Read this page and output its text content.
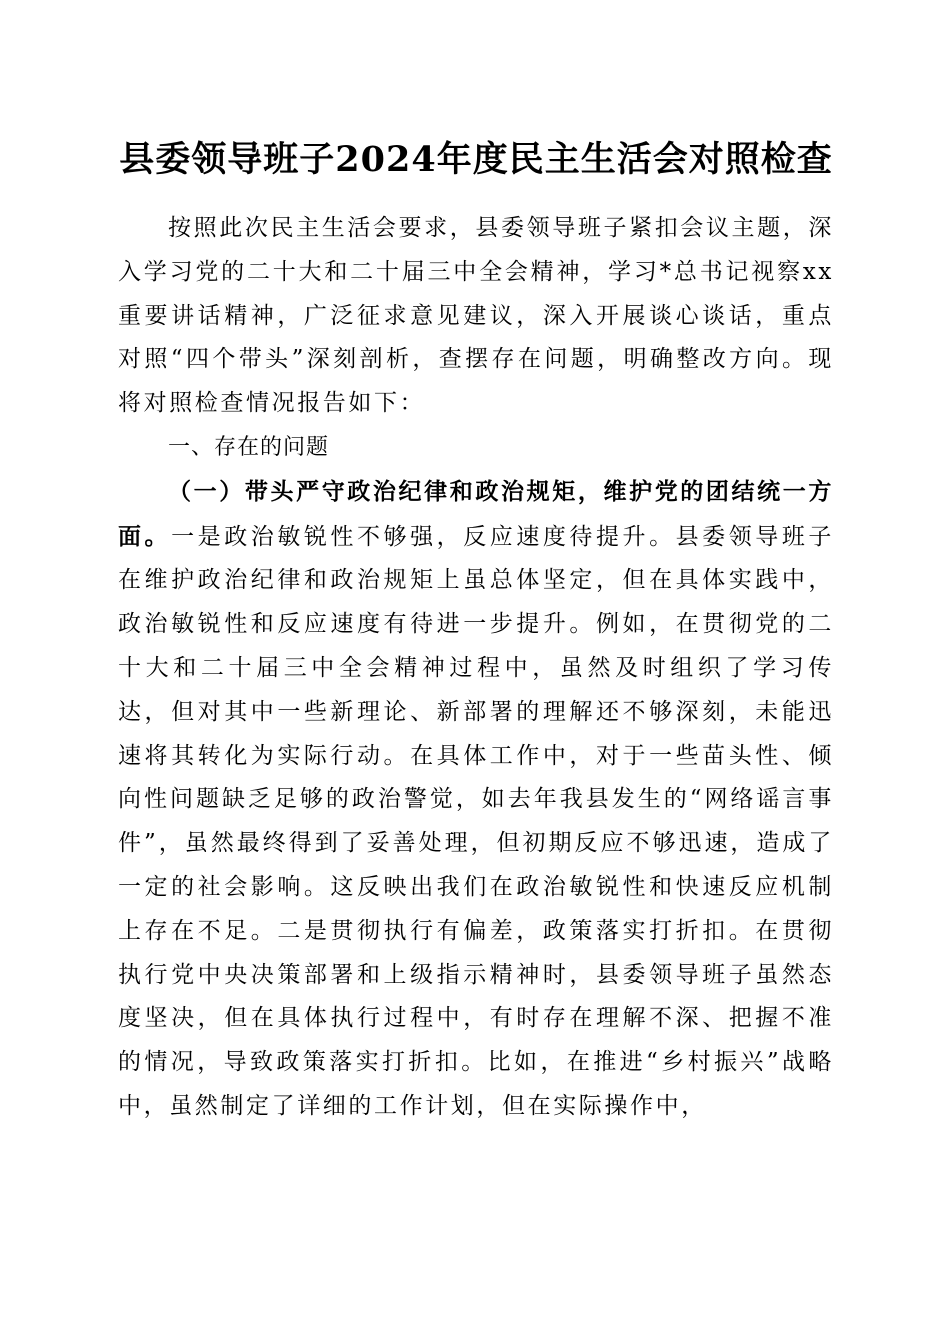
县委领导班子2024年度民主生活会对照检查

按照此次民主生活会要求，县委领导班子紧扣会议主题，深入学习党的二十大和二十届三中全会精神，学习*总书记视察xx重要讲话精神，广泛征求意见建议，深入开展谈心谈话，重点对照“四个带头”深刻剖析，查摆存在问题，明确整改方向。现将对照检查情况报告如下：

一、存在的问题

（一）带头严守政治纪律和政治规矩，维护党的团结统一方面。一是政治敏锐性不够强，反应速度待提升。县委领导班子在维护政治纪律和政治规矩上虽总体坚定，但在具体实践中，政治敏锐性和反应速度有待进一步提升。例如，在贯彻党的二十大和二十届三中全会精神过程中，虽然及时组织了学习传达，但对其中一些新理论、新部署的理解还不够深刻，未能迅速将其转化为实际行动。在具体工作中，对于一些苗头性、倾向性问题缺乏足够的政治警觉，如去年我县发生的“网络谣言事件”，虽然最终得到了妥善处理，但初期反应不够迅速，造成了一定的社会影响。这反映出我们在政治敏锐性和快速反应机制上存在不足。二是贯彻执行有偏差，政策落实打折扣。在贯彻执行党中央决策部署和上级指示精神时，县委领导班子虽然态度坚决，但在具体执行过程中，有时存在理解不深、把握不准的情况，导致政策落实打折扣。比如，在推进“乡村振兴”战略中，虽然制定了详细的工作计划，但在实际操作中，
